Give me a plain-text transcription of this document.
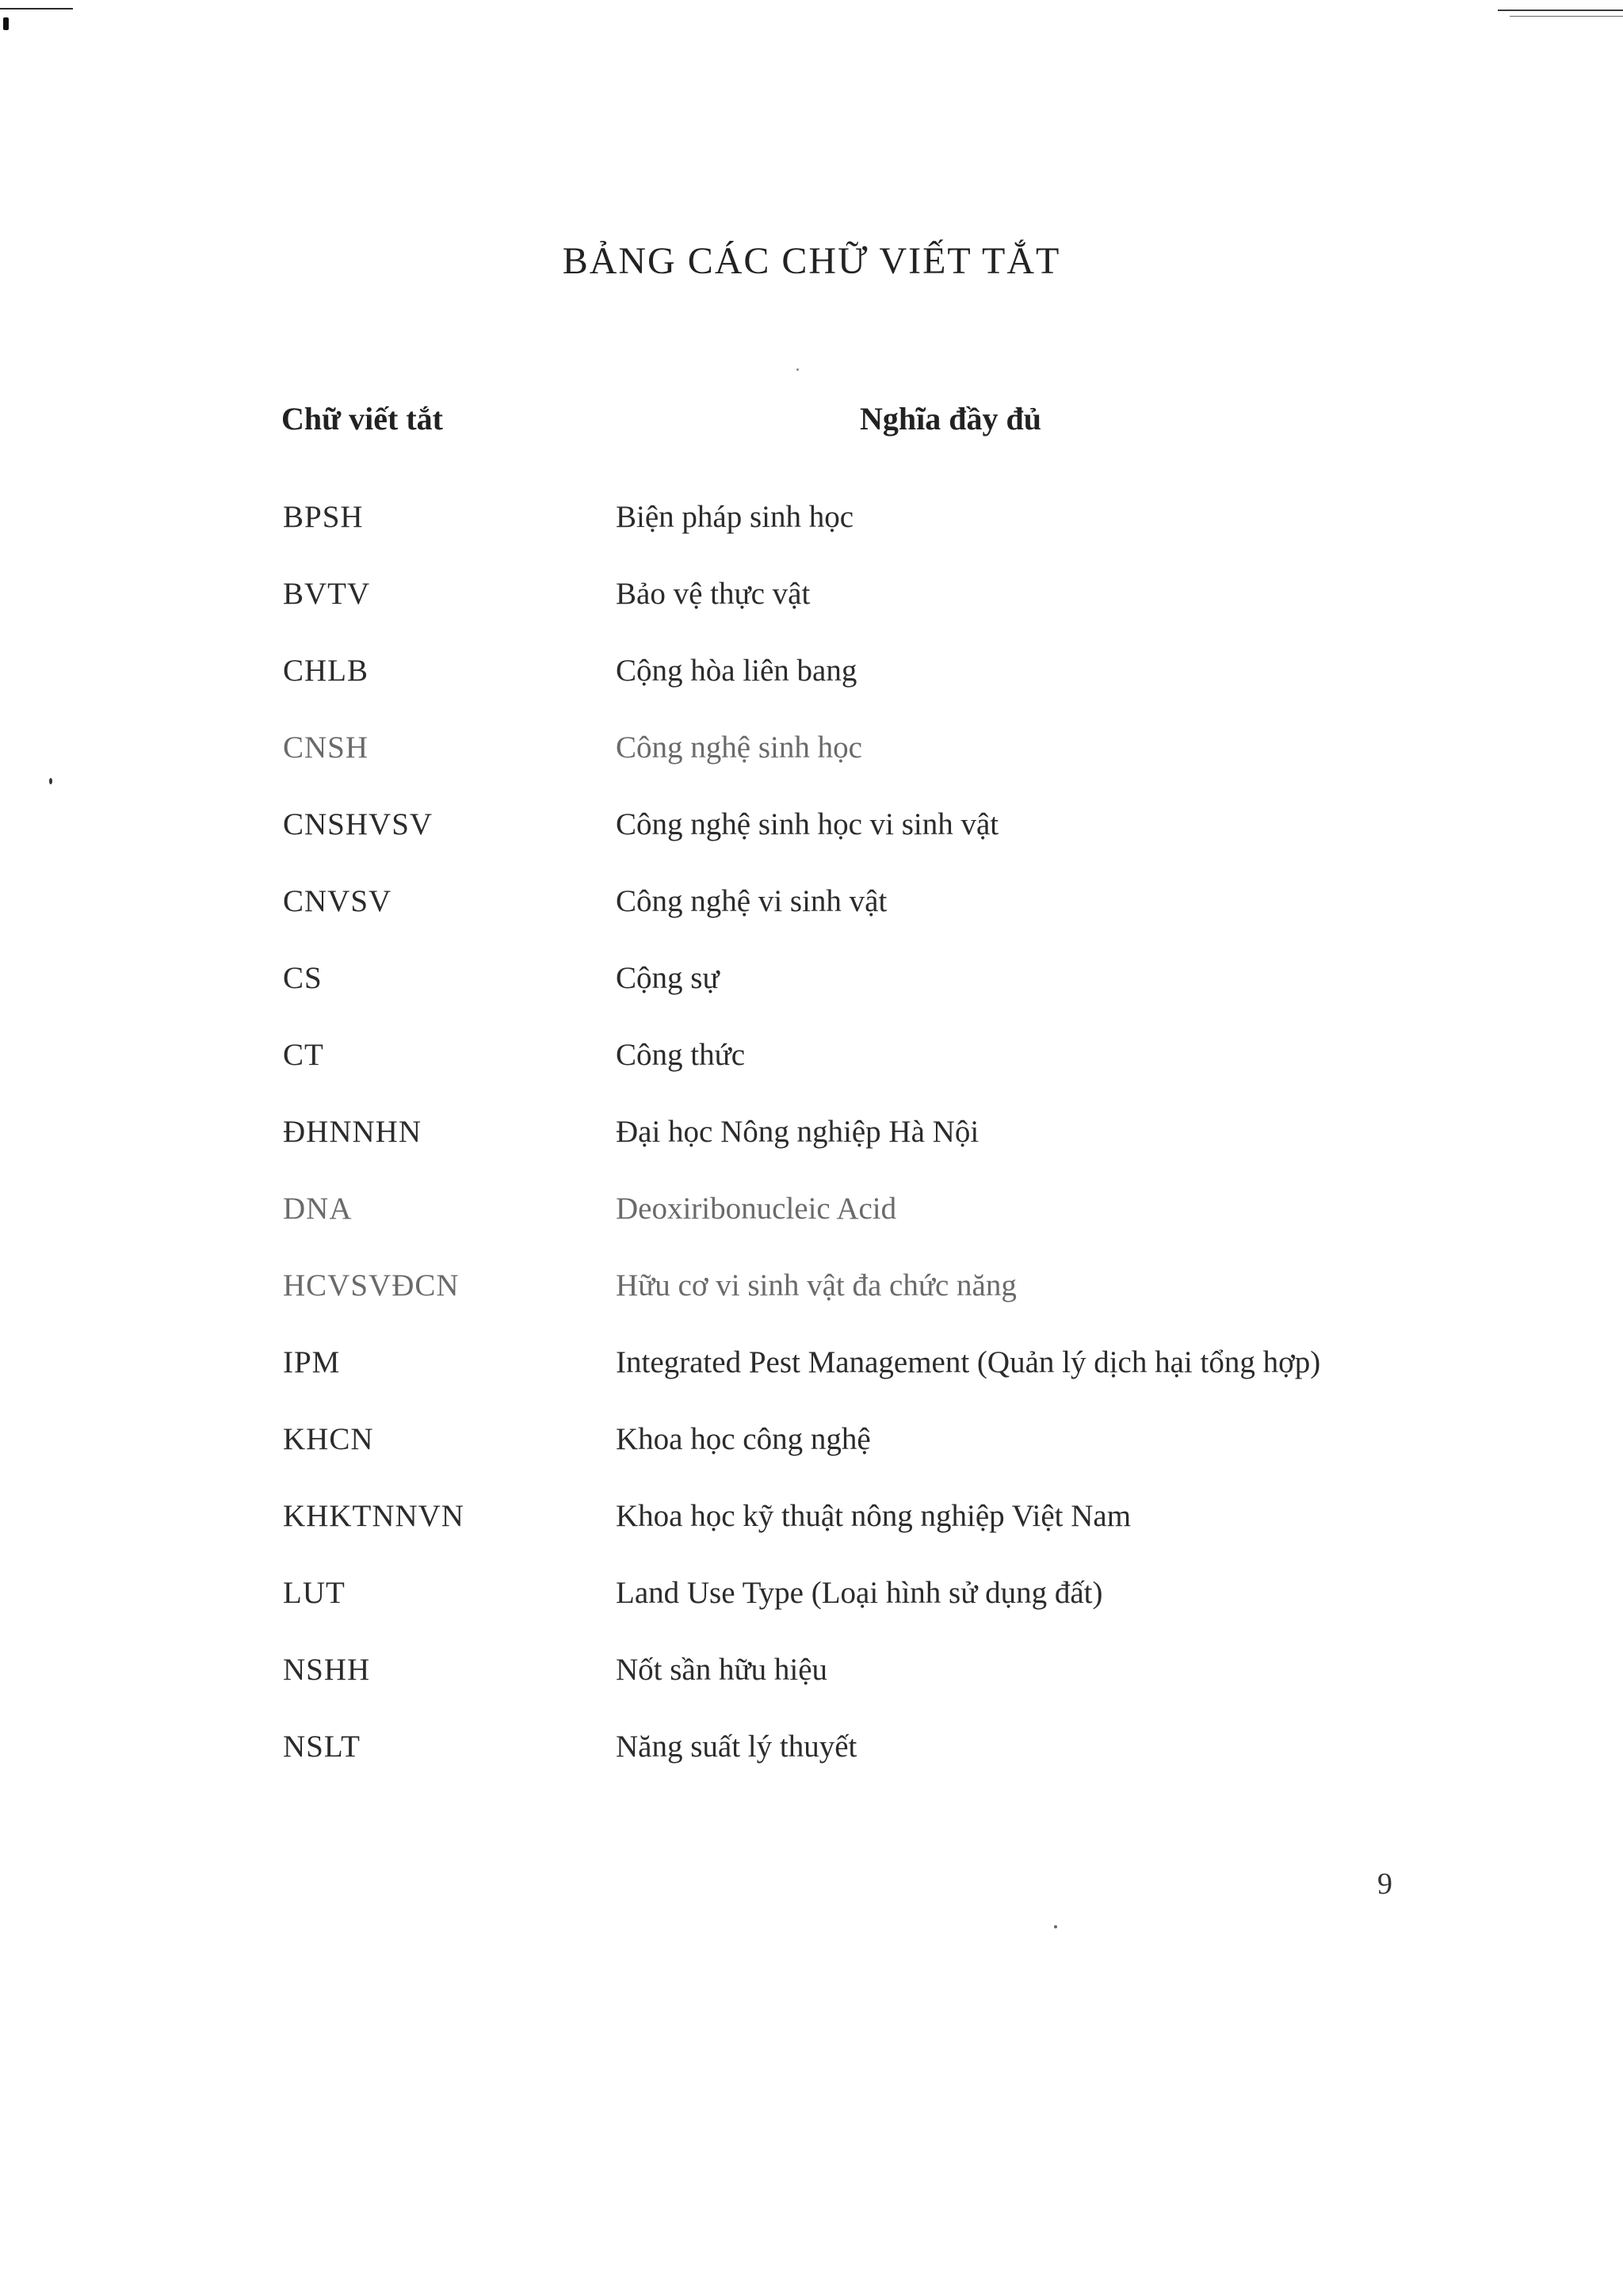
BẢNG CÁC CHỮ VIẾT TẮT
Chữ viết tắt	Nghĩa đầy đủ
BPSH	Biện pháp sinh học
BVTV	Bảo vệ thực vật
CHLB	Cộng hòa liên bang
CNSH	Công nghệ sinh học
CNSHVSV	Công nghệ sinh học vi sinh vật
CNVSV	Công nghệ vi sinh vật
CS	Cộng sự
CT	Công thức
ĐHNNHN	Đại học Nông nghiệp Hà Nội
DNA	Deoxiribonucleic Acid
HCVSVĐCN	Hữu cơ vi sinh vật đa chức năng
IPM	Integrated Pest Management (Quản lý dịch hại tổng hợp)
KHCN	Khoa học công nghệ
KHKTNNVN	Khoa học kỹ thuật nông nghiệp Việt Nam
LUT	Land Use Type (Loại hình sử dụng đất)
NSHH	Nốt sần hữu hiệu
NSLT	Năng suất lý thuyết
9
